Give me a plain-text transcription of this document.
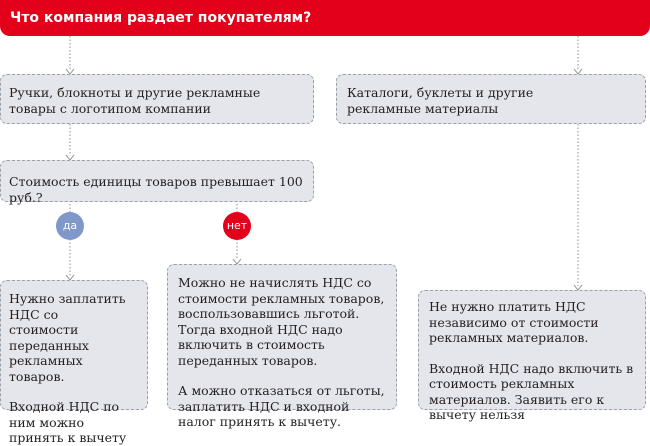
Что компания раздает покупателям?

Ручки, блокноты и другие рекламные товары с логотипом компании

Каталоги, буклеты и другие рекламные материалы

Стоимость единицы товаров превышает 100 руб.?

да	нет

Нужно заплатить НДС со стоимости переданных рекламных товаров.

Входной НДС по ним можно принять к вычету

Можно не начислять НДС со стоимости рекламных товаров, воспользовавшись льготой. Тогда входной НДС надо включить в стоимость переданных товаров.

А можно отказаться от льготы, заплатить НДС и входной налог принять к вычету.

Не нужно платить НДС независимо от стоимости рекламных материалов.

Входной НДС надо включить в стоимость рекламных материалов. Заявить его к вычету нельзя
